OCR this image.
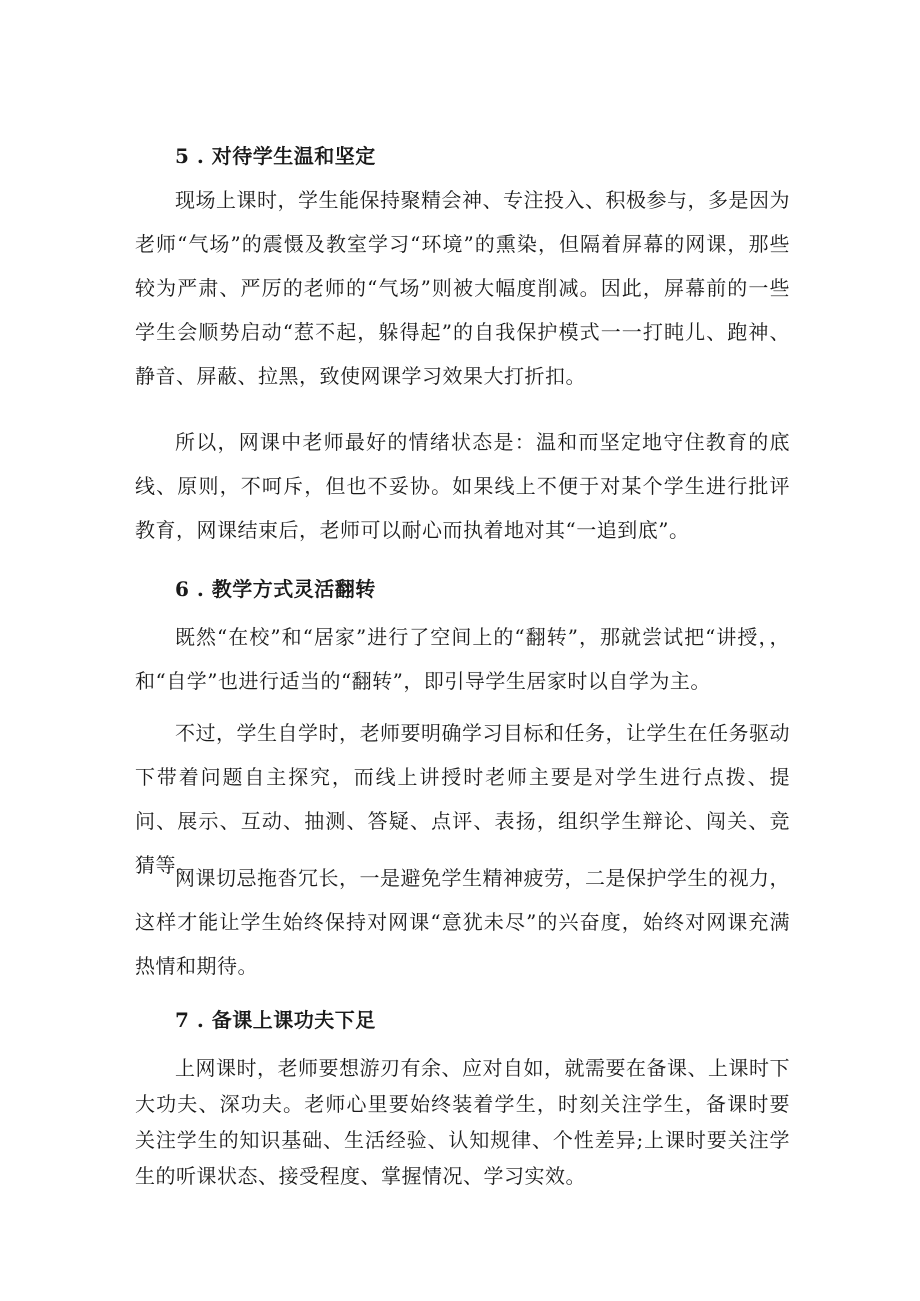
5 . 对待学生温和坚定

现场上课时，学生能保持聚精会神、专注投入、积极参与，多是因为老师“气场”的震慑及教室学习“环境”的熏染，但隔着屏幕的网课，那些较为严肃、严厉的老师的“气场”则被大幅度削减。因此，屏幕前的一些学生会顺势启动“惹不起，躲得起”的自我保护模式一一打盹儿、跑神、静音、屏蔽、拉黑，致使网课学习效果大打折扣。

所以，网课中老师最好的情绪状态是：温和而坚定地守住教育的底线、原则，不呵斥，但也不妥协。如果线上不便于对某个学生进行批评教育，网课结束后，老师可以耐心而执着地对其“一追到底”。

6 . 教学方式灵活翻转

既然“在校”和“居家”进行了空间上的“翻转”，那就尝试把“讲授，，和“自学”也进行适当的“翻转”，即引导学生居家时以自学为主。

不过，学生自学时，老师要明确学习目标和任务，让学生在任务驱动下带着问题自主探究，而线上讲授时老师主要是对学生进行点拨、提问、展示、互动、抽测、答疑、点评、表扬，组织学生辩论、闯关、竞猜等。

网课切忌拖沓冗长，一是避免学生精神疲劳，二是保护学生的视力，这样才能让学生始终保持对网课“意犹未尽”的兴奋度，始终对网课充满热情和期待。

7 . 备课上课功夫下足

上网课时，老师要想游刃有余、应对自如，就需要在备课、上课时下大功夫、深功夫。老师心里要始终装着学生，时刻关注学生，备课时要关注学生的知识基础、生活经验、认知规律、个性差异;上课时要关注学生的听课状态、接受程度、掌握情况、学习实效。
